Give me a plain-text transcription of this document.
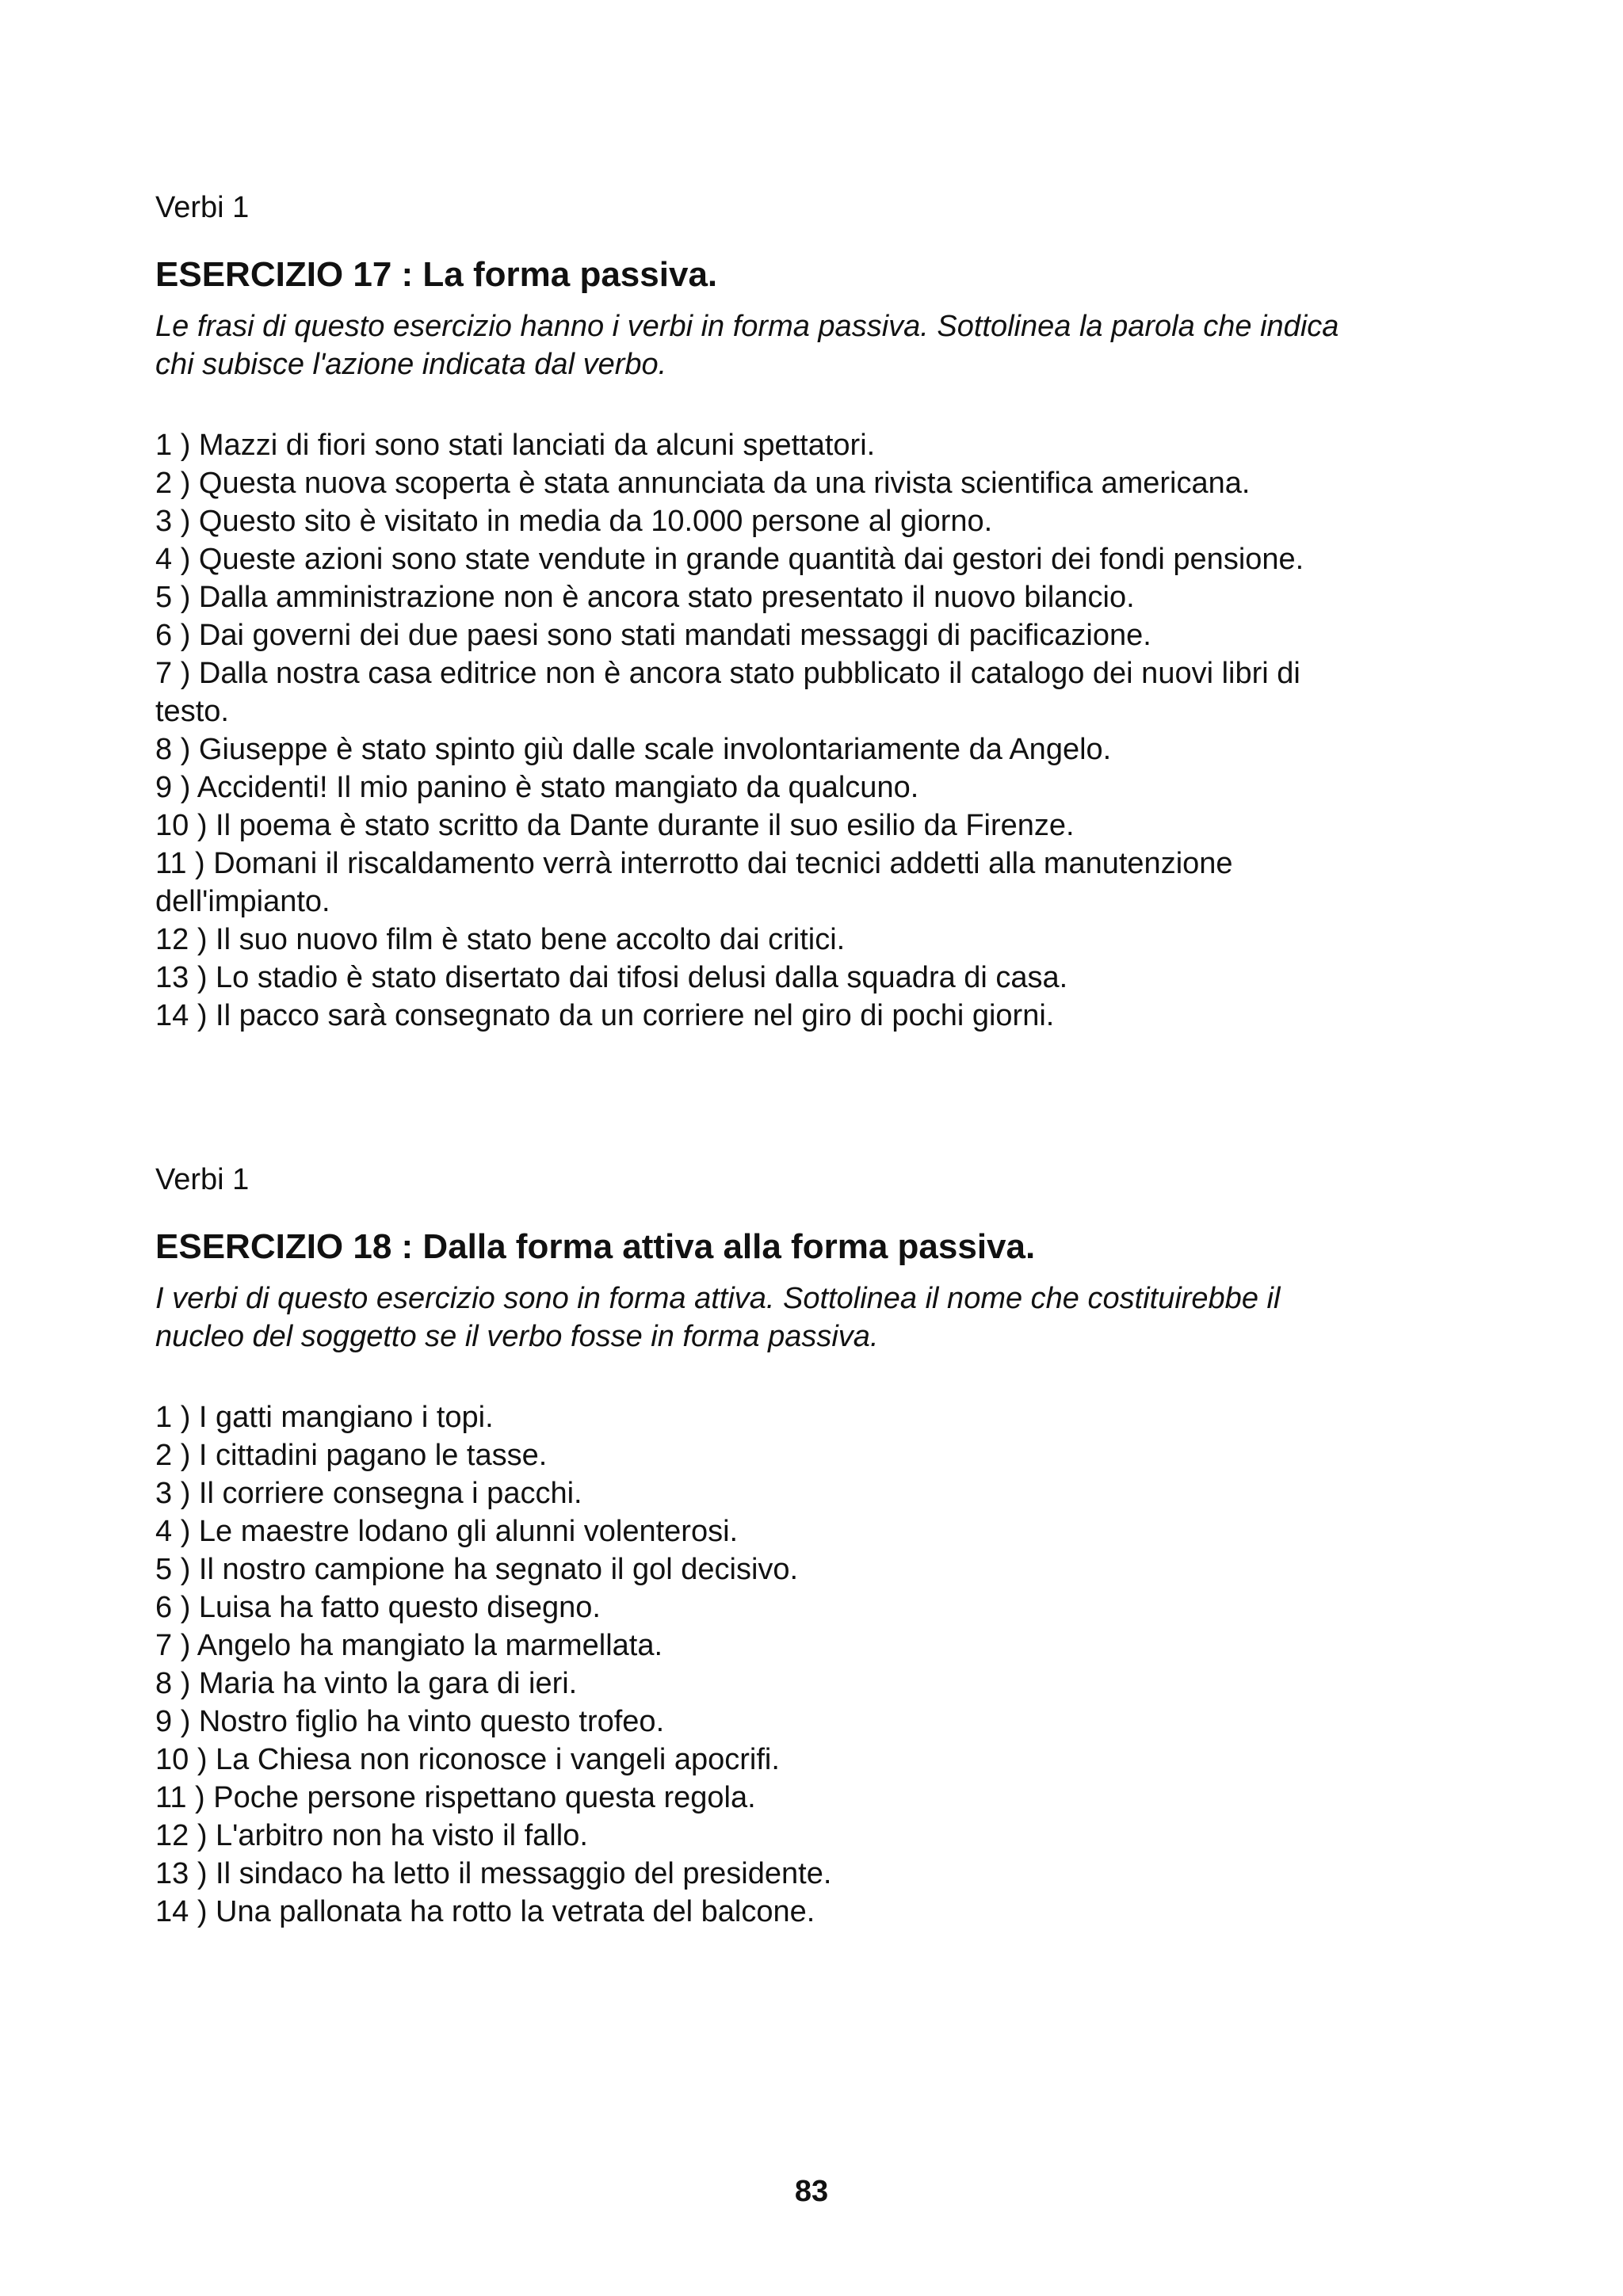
Verbi 1

ESERCIZIO 17 : La forma passiva.

Le frasi di questo esercizio hanno i verbi in forma passiva. Sottolinea la parola che indica
chi subisce l'azione indicata dal verbo.

1 ) Mazzi di fiori sono stati lanciati da alcuni spettatori.
2 ) Questa nuova scoperta è stata annunciata da una rivista scientifica americana.
3 ) Questo sito è visitato in media da 10.000 persone al giorno.
4 ) Queste azioni sono state vendute in grande quantità dai gestori dei fondi pensione.
5 ) Dalla amministrazione non è ancora stato presentato il nuovo bilancio.
6 ) Dai governi dei due paesi sono stati mandati messaggi di pacificazione.
7 ) Dalla nostra casa editrice non è ancora stato pubblicato il catalogo dei nuovi libri di
testo.
8 ) Giuseppe è stato spinto giù dalle scale involontariamente da Angelo.
9 ) Accidenti! Il mio panino è stato mangiato da qualcuno.
10 ) Il poema è stato scritto da Dante durante il suo esilio da Firenze.
11 ) Domani il riscaldamento verrà interrotto dai tecnici addetti alla manutenzione
dell'impianto.
12 ) Il suo nuovo film è stato bene accolto dai critici.
13 ) Lo stadio è stato disertato dai tifosi delusi dalla squadra di casa.
14 ) Il pacco sarà consegnato da un corriere nel giro di pochi giorni.

Verbi 1

ESERCIZIO 18 : Dalla forma attiva alla forma passiva.

I verbi di questo esercizio sono in forma attiva. Sottolinea il nome che costituirebbe il
nucleo del soggetto se il verbo fosse in forma passiva.

1 ) I gatti mangiano i topi.
2 ) I cittadini pagano le tasse.
3 ) Il corriere consegna i pacchi.
4 ) Le maestre lodano gli alunni volenterosi.
5 ) Il nostro campione ha segnato il gol decisivo.
6 ) Luisa ha fatto questo disegno.
7 ) Angelo ha mangiato la marmellata.
8 ) Maria ha vinto la gara di ieri.
9 ) Nostro figlio ha vinto questo trofeo.
10 ) La Chiesa non riconosce i vangeli apocrifi.
11 ) Poche persone rispettano questa regola.
12 ) L'arbitro non ha visto il fallo.
13 ) Il sindaco ha letto il messaggio del presidente.
14 ) Una pallonata ha rotto la vetrata del balcone.
83
